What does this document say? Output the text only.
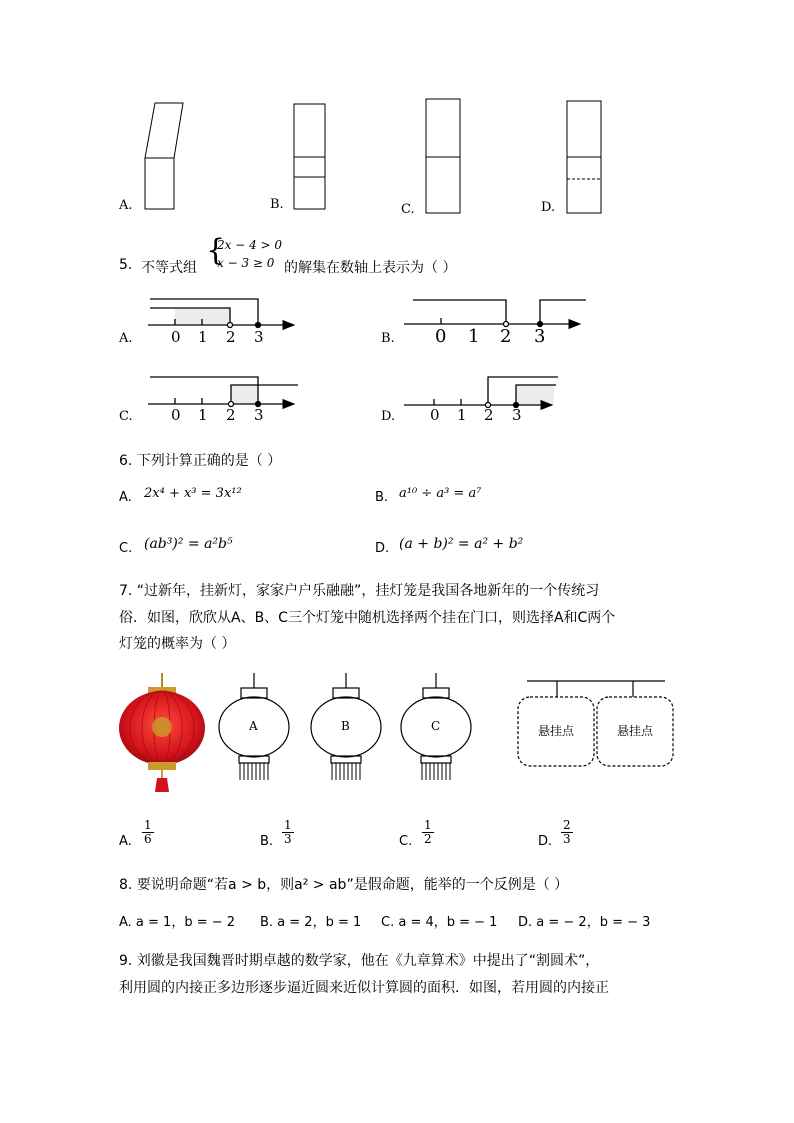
A.	B.	C.	D.
5. 不等式组 {
2x − 4 > 0
x − 3 ≥ 0 的解集在数轴上表示为（ ）
A.	0 1 2 3	B. 0 1 2 3
C.	0 1 2 3	D. 0 1 2 3
6. 下列计算正确的是（ ）
A. 2x⁴ + x³ = 3x¹²	B. a¹⁰ ÷ a³ = a⁷
C. (ab³)² = a²b⁵	D. (a + b)² = a² + b²
7. “过新年，挂新灯，家家户户乐融融”，挂灯笼是我国各地新年的一个传统习
俗．如图，欣欣从A、B、C三个灯笼中随机选择两个挂在门口，则选择A和C两个
灯笼的概率为（ ）
A	B	C	悬挂点	悬挂点
A. $\frac{1}{6}$	B. $\frac{1}{3}$	C. $\frac{1}{2}$	D. $\frac{2}{3}$
8. 要说明命题“若a > b，则a² > ab”是假命题，能举的一个反例是（ ）
A. a = 1，b = − 2 B. a = 2，b = 1 C. a = 4，b = − 1 D. a = − 2，b = − 3
9. 刘徽是我国魏晋时期卓越的数学家，他在《九章算术》中提出了“割圆术”，
利用圆的内接正多边形逐步逼近圆来近似计算圆的面积．如图，若用圆的内接正
